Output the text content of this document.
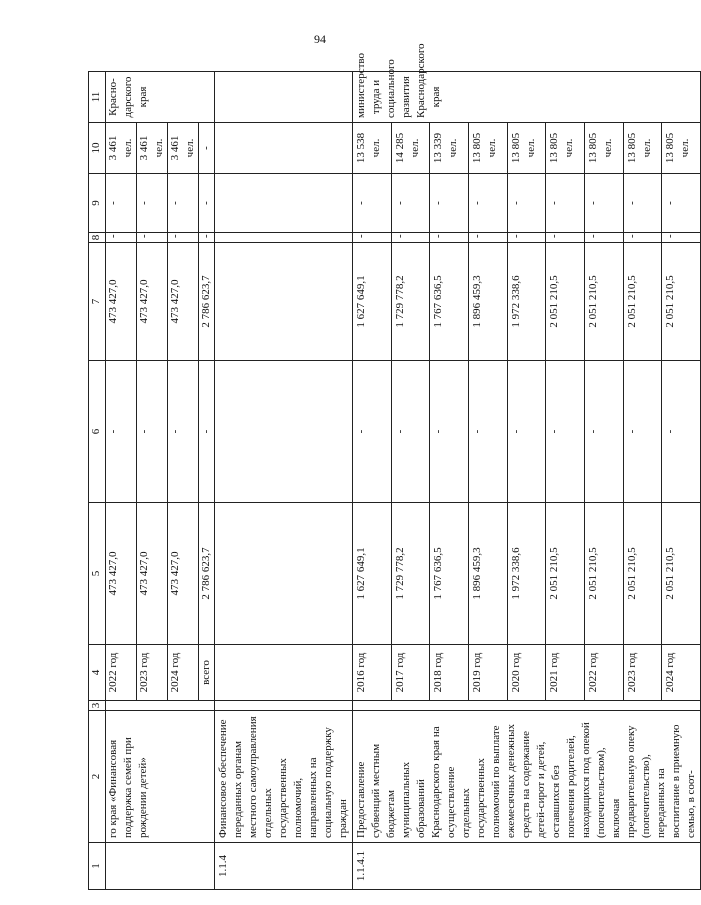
94
1	2	3	4	5	6	7	8	9	10	11
	го края «Финансовая поддержка семей при рождении детей»		2022 год	473 427,0	-	473 427,0	-	-	3 461 чел.	Красно-дарского края
			2023 год	473 427,0	-	473 427,0	-	-	3 461 чел.	
			2024 год	473 427,0	-	473 427,0	-	-	3 461 чел.	
			всего	2 786 623,7	-	2 786 623,7	-	-	-	
1.1.4	Финансовое обеспечение переданных органам местного самоуправления отдельных государственных полномочий, направленных на социальную поддержку граждан									
1.1.4.1	Предоставление субвенций местным бюджетам муниципальных образований Краснодарского края на осуществление отдельных государственных полномочий по выплате ежемесячных денежных средств на содержание детей-сирот и детей, оставшихся без попечения родителей, находящихся под опекой (попечительством), включая предварительную опеку (попечительство), переданных на воспитание в приемную семью, в соот-		2016 год	1 627 649,1	-	1 627 649,1	-	-	13 538 чел.	министерство труда и социального развития Краснодарского края
			2017 год	1 729 778,2	-	1 729 778,2	-	-	14 285 чел.	
			2018 год	1 767 636,5	-	1 767 636,5	-	-	13 339 чел.	
			2019 год	1 896 459,3	-	1 896 459,3	-	-	13 805 чел.	
			2020 год	1 972 338,6	-	1 972 338,6	-	-	13 805 чел.	
			2021 год	2 051 210,5	-	2 051 210,5	-	-	13 805 чел.	
			2022 год	2 051 210,5	-	2 051 210,5	-	-	13 805 чел.	
			2023 год	2 051 210,5	-	2 051 210,5	-	-	13 805 чел.	
			2024 год	2 051 210,5	-	2 051 210,5	-	-	13 805 чел.	
